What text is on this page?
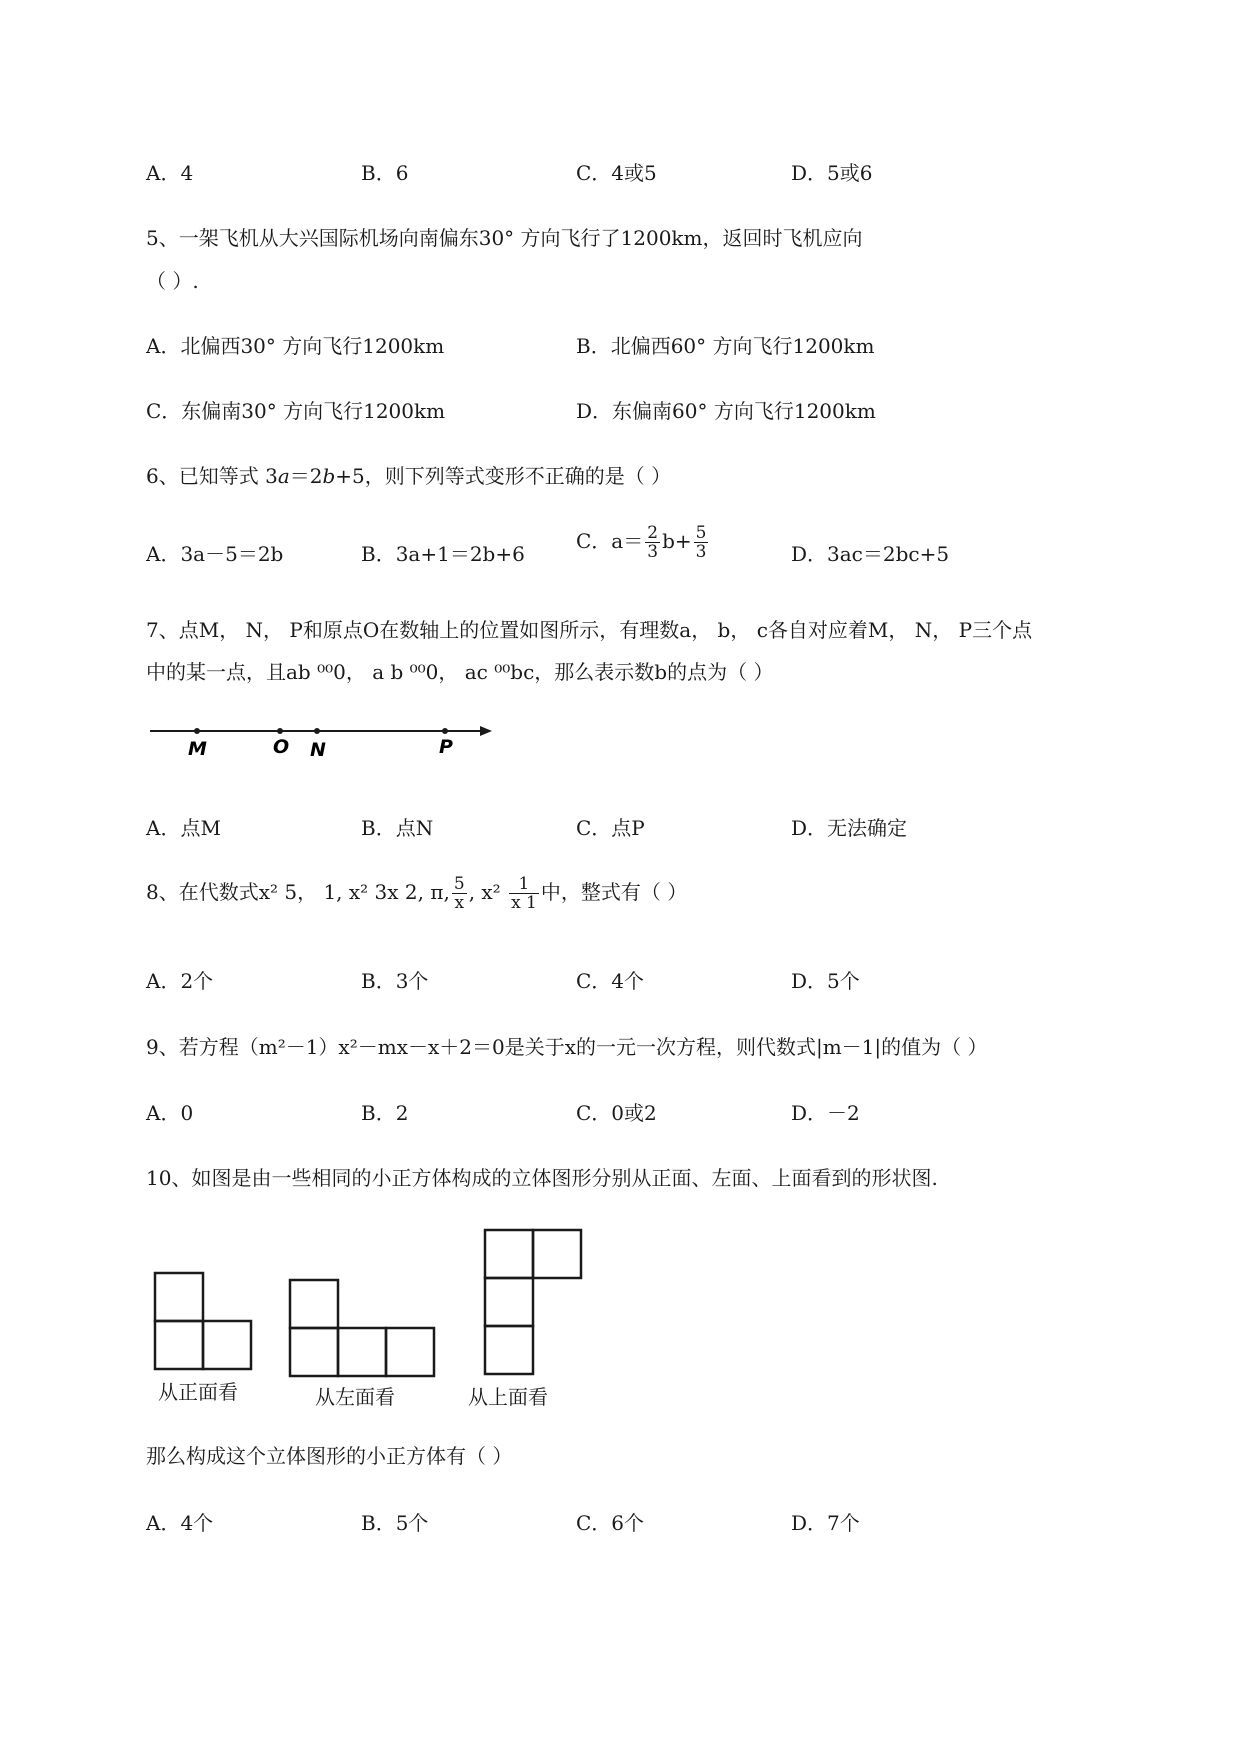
A．4	B．6	C．4或5	D．5或6
5、一架飞机从大兴国际机场向南偏东30° 方向飞行了1200km，返回时飞机应向
（ ）.
A．北偏西30° 方向飞行1200km	B．北偏西60° 方向飞行1200km
C．东偏南30° 方向飞行1200km	D．东偏南60° 方向飞行1200km
6、已知等式 3a＝2b+5，则下列等式变形不正确的是（ ）
A．3a－5＝2b	B．3a+1＝2b+6
C．$a= \frac{2}{3} b+ \frac{5}{3}$	D．3ac＝2bc+5
7、点M， N， P和原点O在数轴上的位置如图所示，有理数a， b， c各自对应着M， N， P三个点
中的某一点，且ab ⁰⁰0， a b ⁰⁰0， ac ⁰⁰bc，那么表示数b的点为（ ）
M	O N	P
A．点M	B．点N	C．点P	D．无法确定
8、在代数式x² 5， 1, x² 3x 2, π, $\frac{5}{x}$ , $x^2 \frac{1}{x 1}$ 中，整式有（ ）
A．2个	B．3个	C．4个	D．5个
9、若方程（m²－1）x²－mx－x＋2＝0是关于x的一元一次方程，则代数式|m－1|的值为（ ）
A．0	B．2	C．0或2	D．－2
10、如图是由一些相同的小正方体构成的立体图形分别从正面、左面、上面看到的形状图.
从正面看	从左面看	从上面看
那么构成这个立体图形的小正方体有（ ）
A．4个	B．5个	C．6个	D．7个
